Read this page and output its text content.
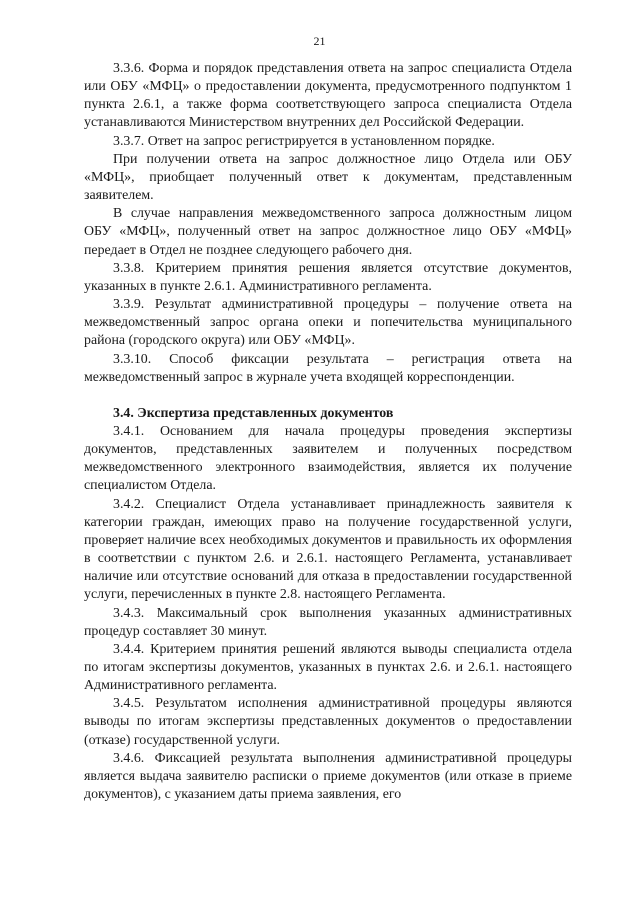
21

3.3.6. Форма и порядок представления ответа на запрос специалиста Отдела или ОБУ «МФЦ» о предоставлении документа, предусмотренного подпунктом 1 пункта 2.6.1, а также форма соответствующего запроса специалиста Отдела устанавливаются Министерством внутренних дел Российской Федерации.

3.3.7. Ответ на запрос регистрируется в установленном порядке.

При получении ответа на запрос должностное лицо Отдела или ОБУ «МФЦ», приобщает полученный ответ к документам, представленным заявителем.

В случае направления межведомственного запроса должностным лицом ОБУ «МФЦ», полученный ответ на запрос должностное лицо ОБУ «МФЦ» передает в Отдел не позднее следующего рабочего дня.

3.3.8. Критерием принятия решения является отсутствие документов, указанных в пункте 2.6.1. Административного регламента.

3.3.9. Результат административной процедуры – получение ответа на межведомственный запрос органа опеки и попечительства муниципального района (городского округа) или ОБУ «МФЦ».

3.3.10. Способ фиксации результата – регистрация ответа на межведомственный запрос в журнале учета входящей корреспонденции.

3.4. Экспертиза представленных документов

3.4.1. Основанием для начала процедуры проведения экспертизы документов, представленных заявителем и полученных посредством межведомственного электронного взаимодействия, является их получение специалистом Отдела.

3.4.2. Специалист Отдела устанавливает принадлежность заявителя к категории граждан, имеющих право на получение государственной услуги, проверяет наличие всех необходимых документов и правильность их оформления в соответствии с пунктом 2.6. и 2.6.1. настоящего Регламента, устанавливает наличие или отсутствие оснований для отказа в предоставлении государственной услуги, перечисленных в пункте 2.8. настоящего Регламента.

3.4.3. Максимальный срок выполнения указанных административных процедур составляет 30 минут.

3.4.4. Критерием принятия решений являются выводы специалиста отдела по итогам экспертизы документов, указанных в пунктах 2.6. и 2.6.1. настоящего Административного регламента.

3.4.5. Результатом исполнения административной процедуры являются выводы по итогам экспертизы представленных документов о предоставлении (отказе) государственной услуги.

3.4.6. Фиксацией результата выполнения административной процедуры является выдача заявителю расписки о приеме документов (или отказе в приеме документов), с указанием даты приема заявления, его
